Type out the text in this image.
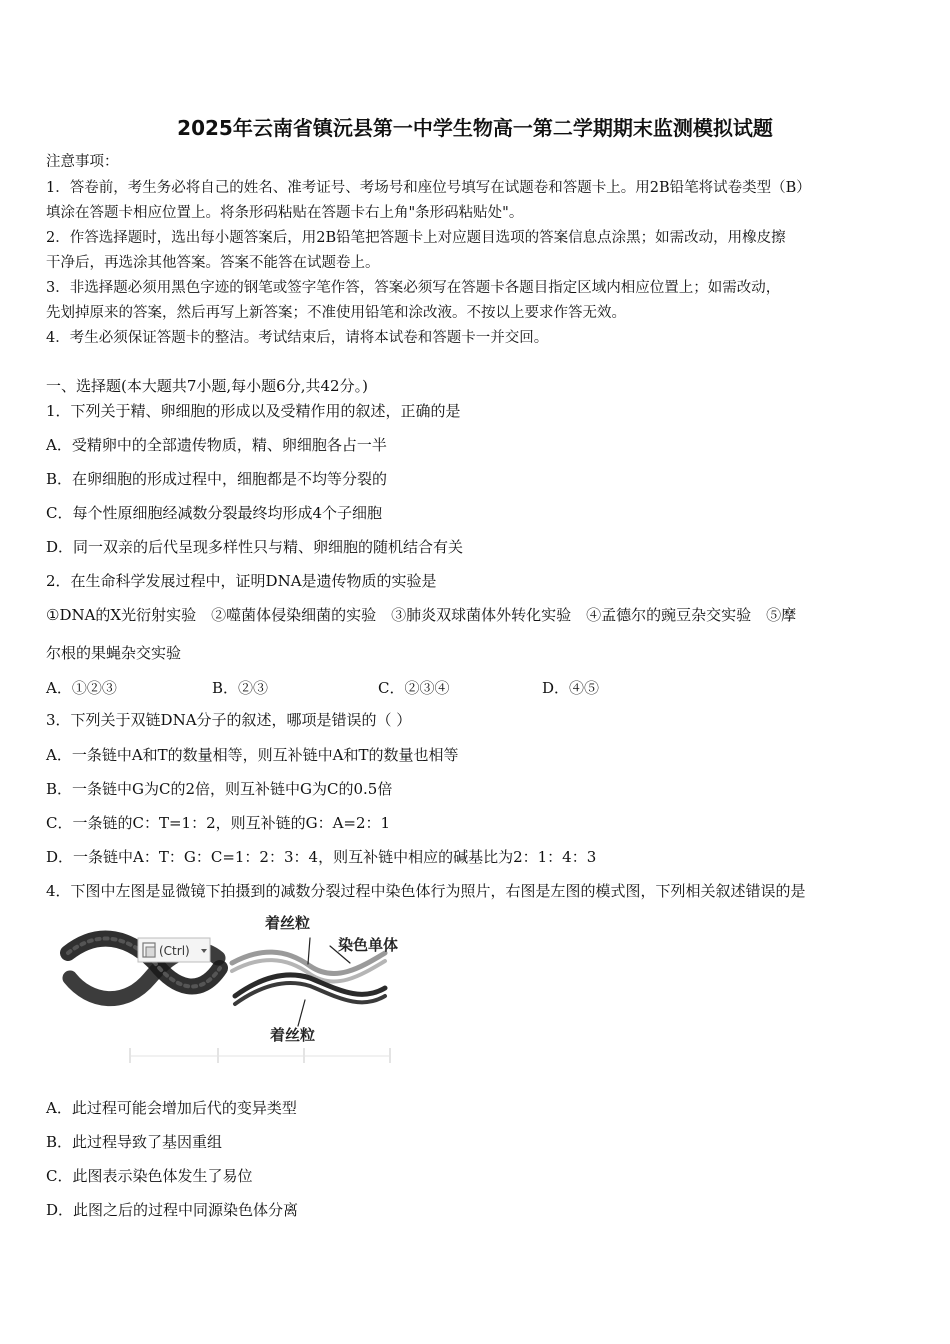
2025年云南省镇沅县第一中学生物高一第二学期期末监测模拟试题
注意事项：
1．答卷前，考生务必将自己的姓名、准考证号、考场号和座位号填写在试题卷和答题卡上。用2B铅笔将试卷类型（B）
填涂在答题卡相应位置上。将条形码粘贴在答题卡右上角"条形码粘贴处"。
2．作答选择题时，选出每小题答案后，用2B铅笔把答题卡上对应题目选项的答案信息点涂黑；如需改动，用橡皮擦
干净后，再选涂其他答案。答案不能答在试题卷上。
3．非选择题必须用黑色字迹的钢笔或签字笔作答，答案必须写在答题卡各题目指定区域内相应位置上；如需改动，
先划掉原来的答案，然后再写上新答案；不准使用铅笔和涂改液。不按以上要求作答无效。
4．考生必须保证答题卡的整洁。考试结束后，请将本试卷和答题卡一并交回。
一、选择题(本大题共7小题,每小题6分,共42分。)
1．下列关于精、卵细胞的形成以及受精作用的叙述，正确的是
A．受精卵中的全部遗传物质，精、卵细胞各占一半
B．在卵细胞的形成过程中，细胞都是不均等分裂的
C．每个性原细胞经减数分裂最终均形成4个子细胞
D．同一双亲的后代呈现多样性只与精、卵细胞的随机结合有关
2．在生命科学发展过程中，证明DNA是遗传物质的实验是
①DNA的X光衍射实验　②噬菌体侵染细菌的实验　③肺炎双球菌体外转化实验　④孟德尔的豌豆杂交实验　⑤摩
尔根的果蝇杂交实验
A．①②③	B．②③	C．②③④	D．④⑤
3．下列关于双链DNA分子的叙述，哪项是错误的（ ）
A．一条链中A和T的数量相等，则互补链中A和T的数量也相等
B．一条链中G为C的2倍，则互补链中G为C的0.5倍
C．一条链的C：T=1：2，则互补链的G：A=2：1
D．一条链中A：T：G：C=1：2：3：4，则互补链中相应的碱基比为2：1：4：3
4．下图中左图是显微镜下拍摄到的减数分裂过程中染色体行为照片，右图是左图的模式图，下列相关叙述错误的是
(Ctrl)
着丝粒
染色单体
着丝粒
A．此过程可能会增加后代的变异类型
B．此过程导致了基因重组
C．此图表示染色体发生了易位
D．此图之后的过程中同源染色体分离
